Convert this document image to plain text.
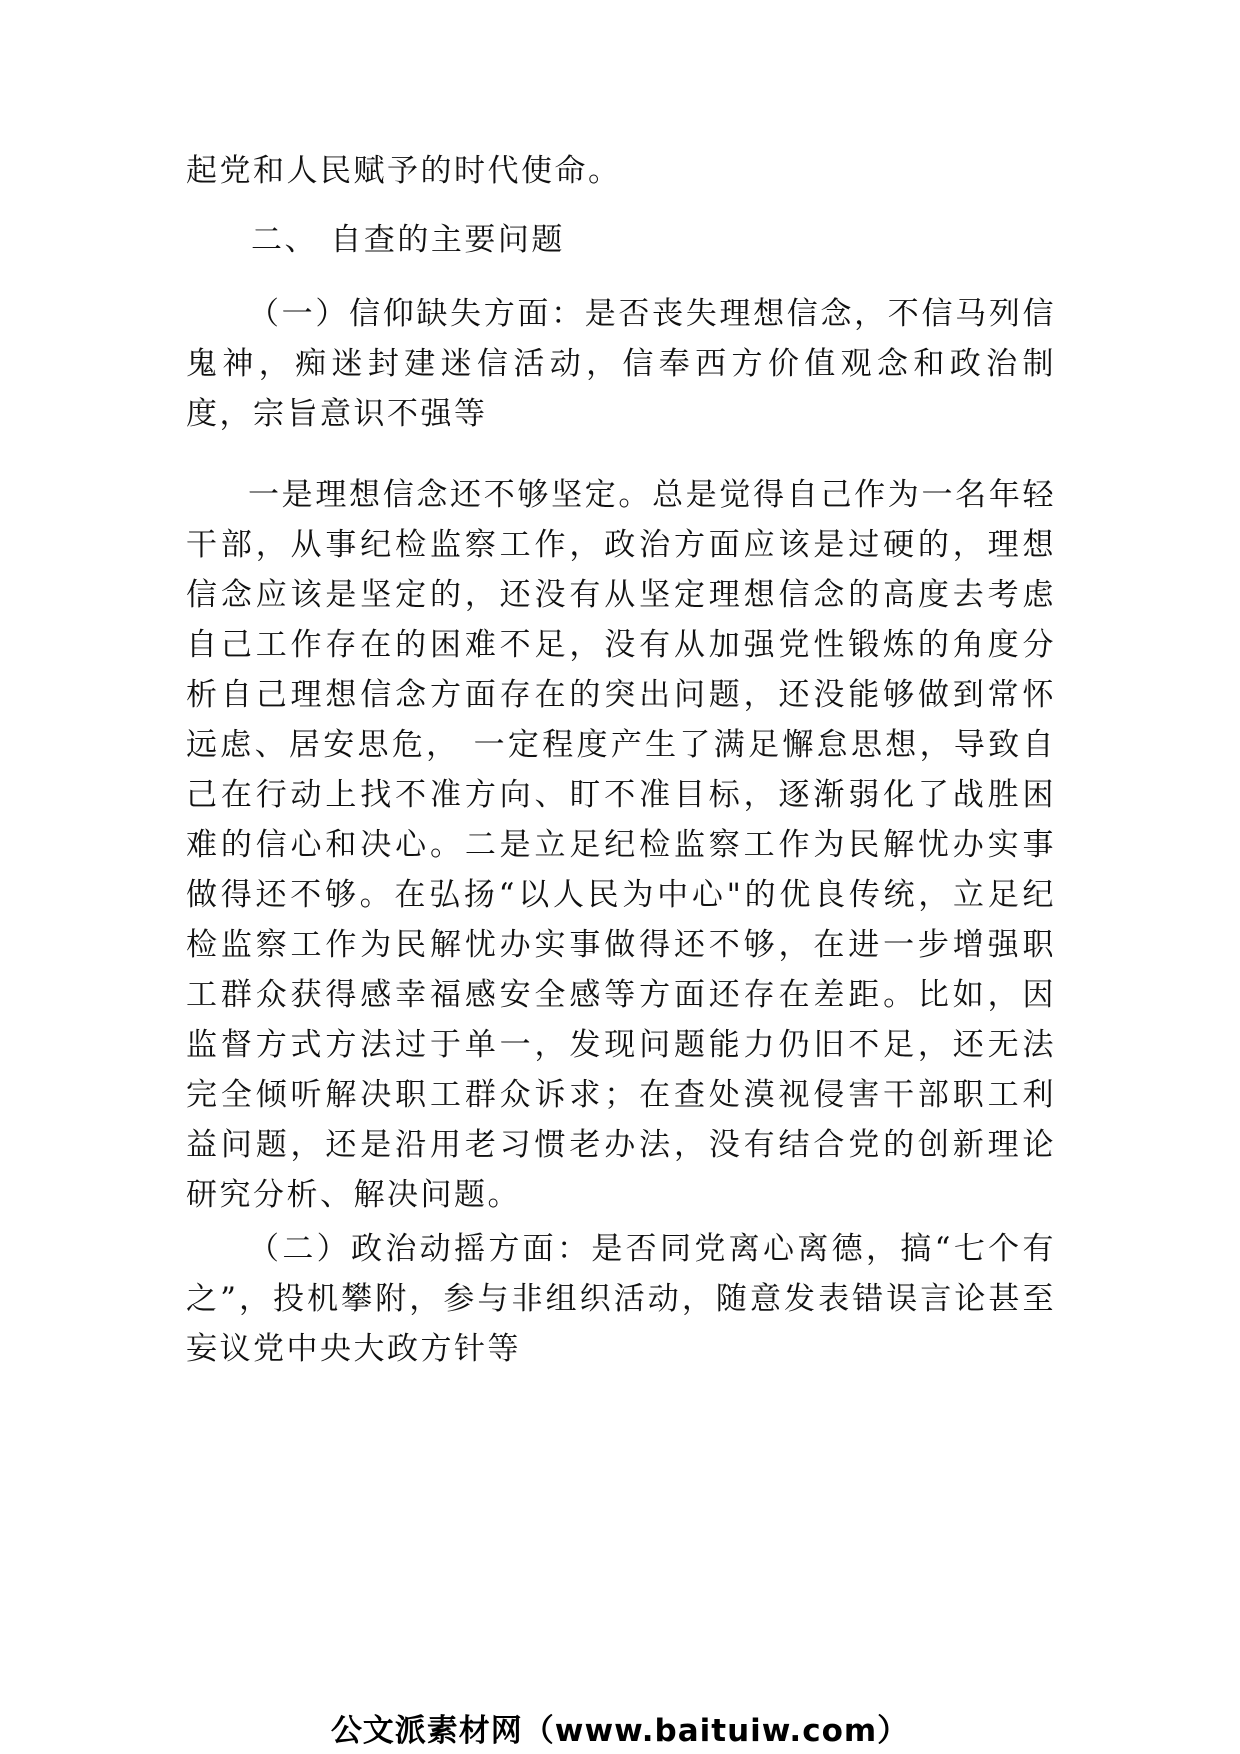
起党和人民赋予的时代使命。

二、 自查的主要问题

（一）信仰缺失方面：是否丧失理想信念，不信马列信鬼神，痴迷封建迷信活动，信奉西方价值观念和政治制度，宗旨意识不强等

一是理想信念还不够坚定。总是觉得自己作为一名年轻干部，从事纪检监察工作，政治方面应该是过硬的，理想信念应该是坚定的，还没有从坚定理想信念的高度去考虑自己工作存在的困难不足，没有从加强党性锻炼的角度分析自己理想信念方面存在的突出问题，还没能够做到常怀远虑、居安思危， 一定程度产生了满足懈怠思想，导致自己在行动上找不准方向、盯不准目标，逐渐弱化了战胜困难的信心和决心。二是立足纪检监察工作为民解忧办实事做得还不够。在弘扬“以人民为中心"的优良传统，立足纪检监察工作为民解忧办实事做得还不够，在进一步增强职工群众获得感幸福感安全感等方面还存在差距。比如，因监督方式方法过于单一，发现问题能力仍旧不足，还无法完全倾听解决职工群众诉求；在查处漠视侵害干部职工利益问题，还是沿用老习惯老办法，没有结合党的创新理论研究分析、解决问题。

（二）政治动摇方面：是否同党离心离德，搞“七个有之”，投机攀附，参与非组织活动，随意发表错误言论甚至妄议党中央大政方针等

公文派素材网（www.baituiw.com）
